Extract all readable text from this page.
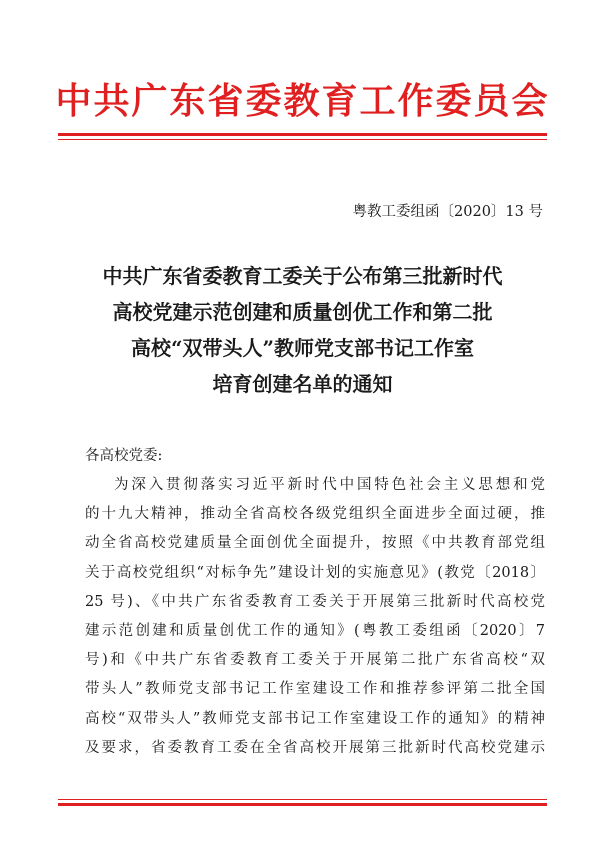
中共广东省委教育工作委员会
粤教工委组函〔2020〕13 号
中共广东省委教育工委关于公布第三批新时代
高校党建示范创建和质量创优工作和第二批
高校“双带头人”教师党支部书记工作室
培育创建名单的通知
各高校党委:
为深入贯彻落实习近平新时代中国特色社会主义思想和党
的十九大精神，推动全省高校各级党组织全面进步全面过硬，推
动全省高校党建质量全面创优全面提升，按照《中共教育部党组
关于高校党组织“对标争先”建设计划的实施意见》(教党〔2018〕
25 号)、《中共广东省委教育工委关于开展第三批新时代高校党
建示范创建和质量创优工作的通知》(粤教工委组函〔2020〕7
号)和《中共广东省委教育工委关于开展第二批广东省高校“双
带头人”教师党支部书记工作室建设工作和推荐参评第二批全国
高校“双带头人”教师党支部书记工作室建设工作的通知》的精神
及要求，省委教育工委在全省高校开展第三批新时代高校党建示
